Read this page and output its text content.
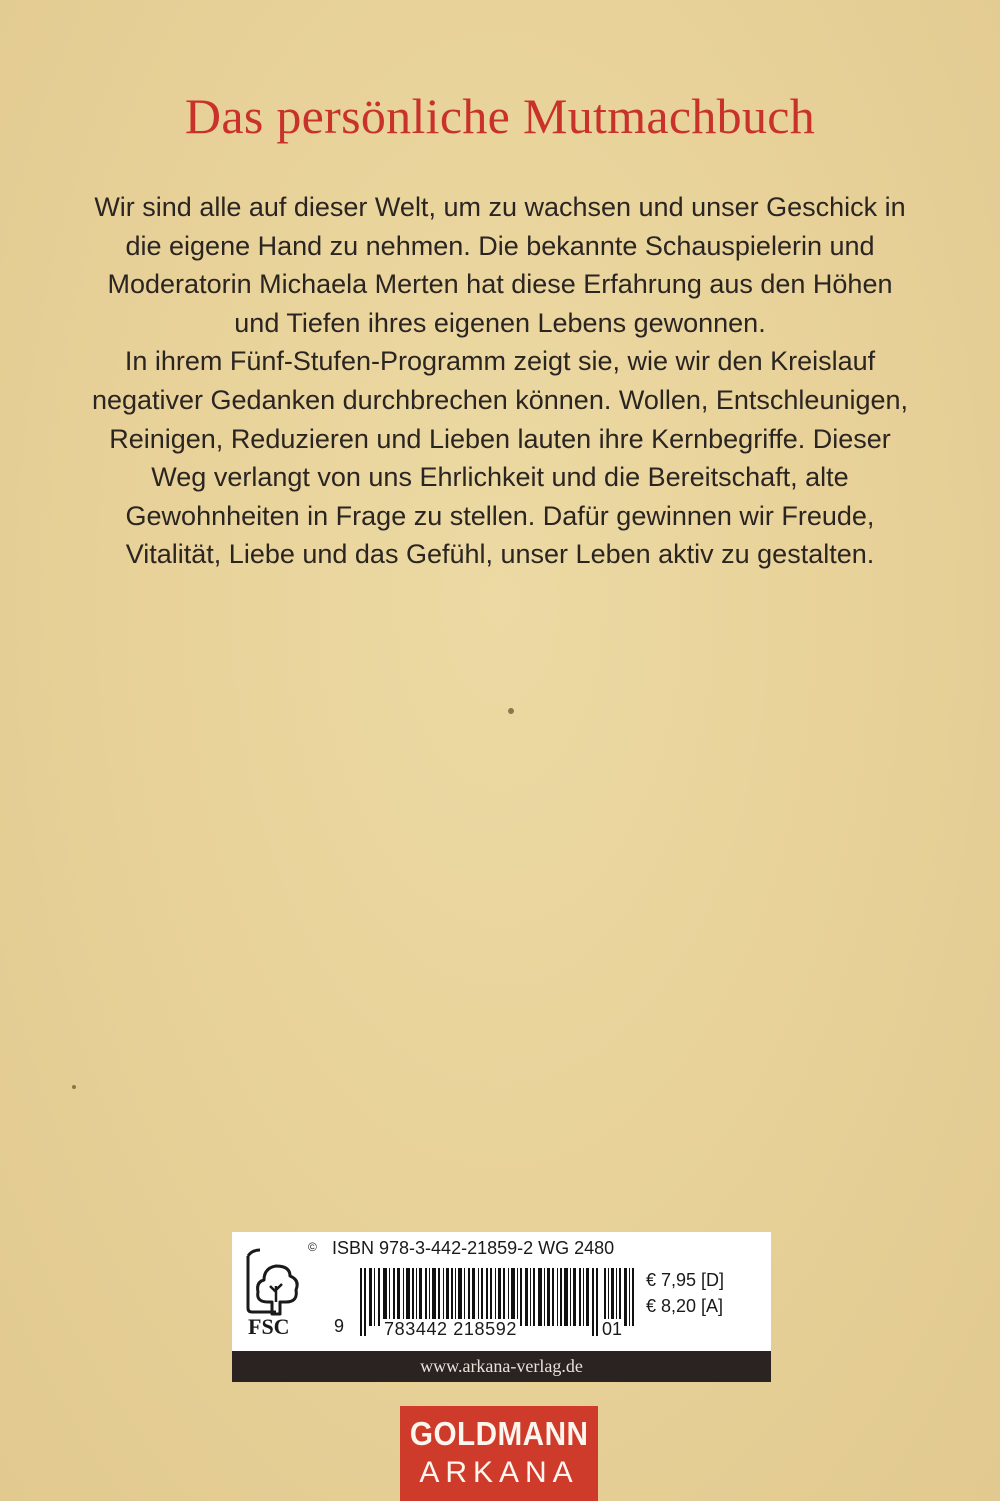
Das persönliche Mutmachbuch

Wir sind alle auf dieser Welt, um zu wachsen und unser Geschick in die eigene Hand zu nehmen. Die bekannte Schauspielerin und Moderatorin Michaela Merten hat diese Erfahrung aus den Höhen und Tiefen ihres eigenen Lebens gewonnen.

In ihrem Fünf-Stufen-Programm zeigt sie, wie wir den Kreislauf negativer Gedanken durchbrechen können. Wollen, Entschleunigen, Reinigen, Reduzieren und Lieben lauten ihre Kernbegriffe. Dieser Weg verlangt von uns Ehrlichkeit und die Bereitschaft, alte Gewohnheiten in Frage zu stellen. Dafür gewinnen wir Freude, Vitalität, Liebe und das Gefühl, unser Leben aktiv zu gestalten.

FSC

© ISBN 978-3-442-21859-2 WG 2480
9 783442 218592	01
€ 7,95 [D]
€ 8,20 [A]
www.arkana-verlag.de
GOLDMANN
ARKANA
